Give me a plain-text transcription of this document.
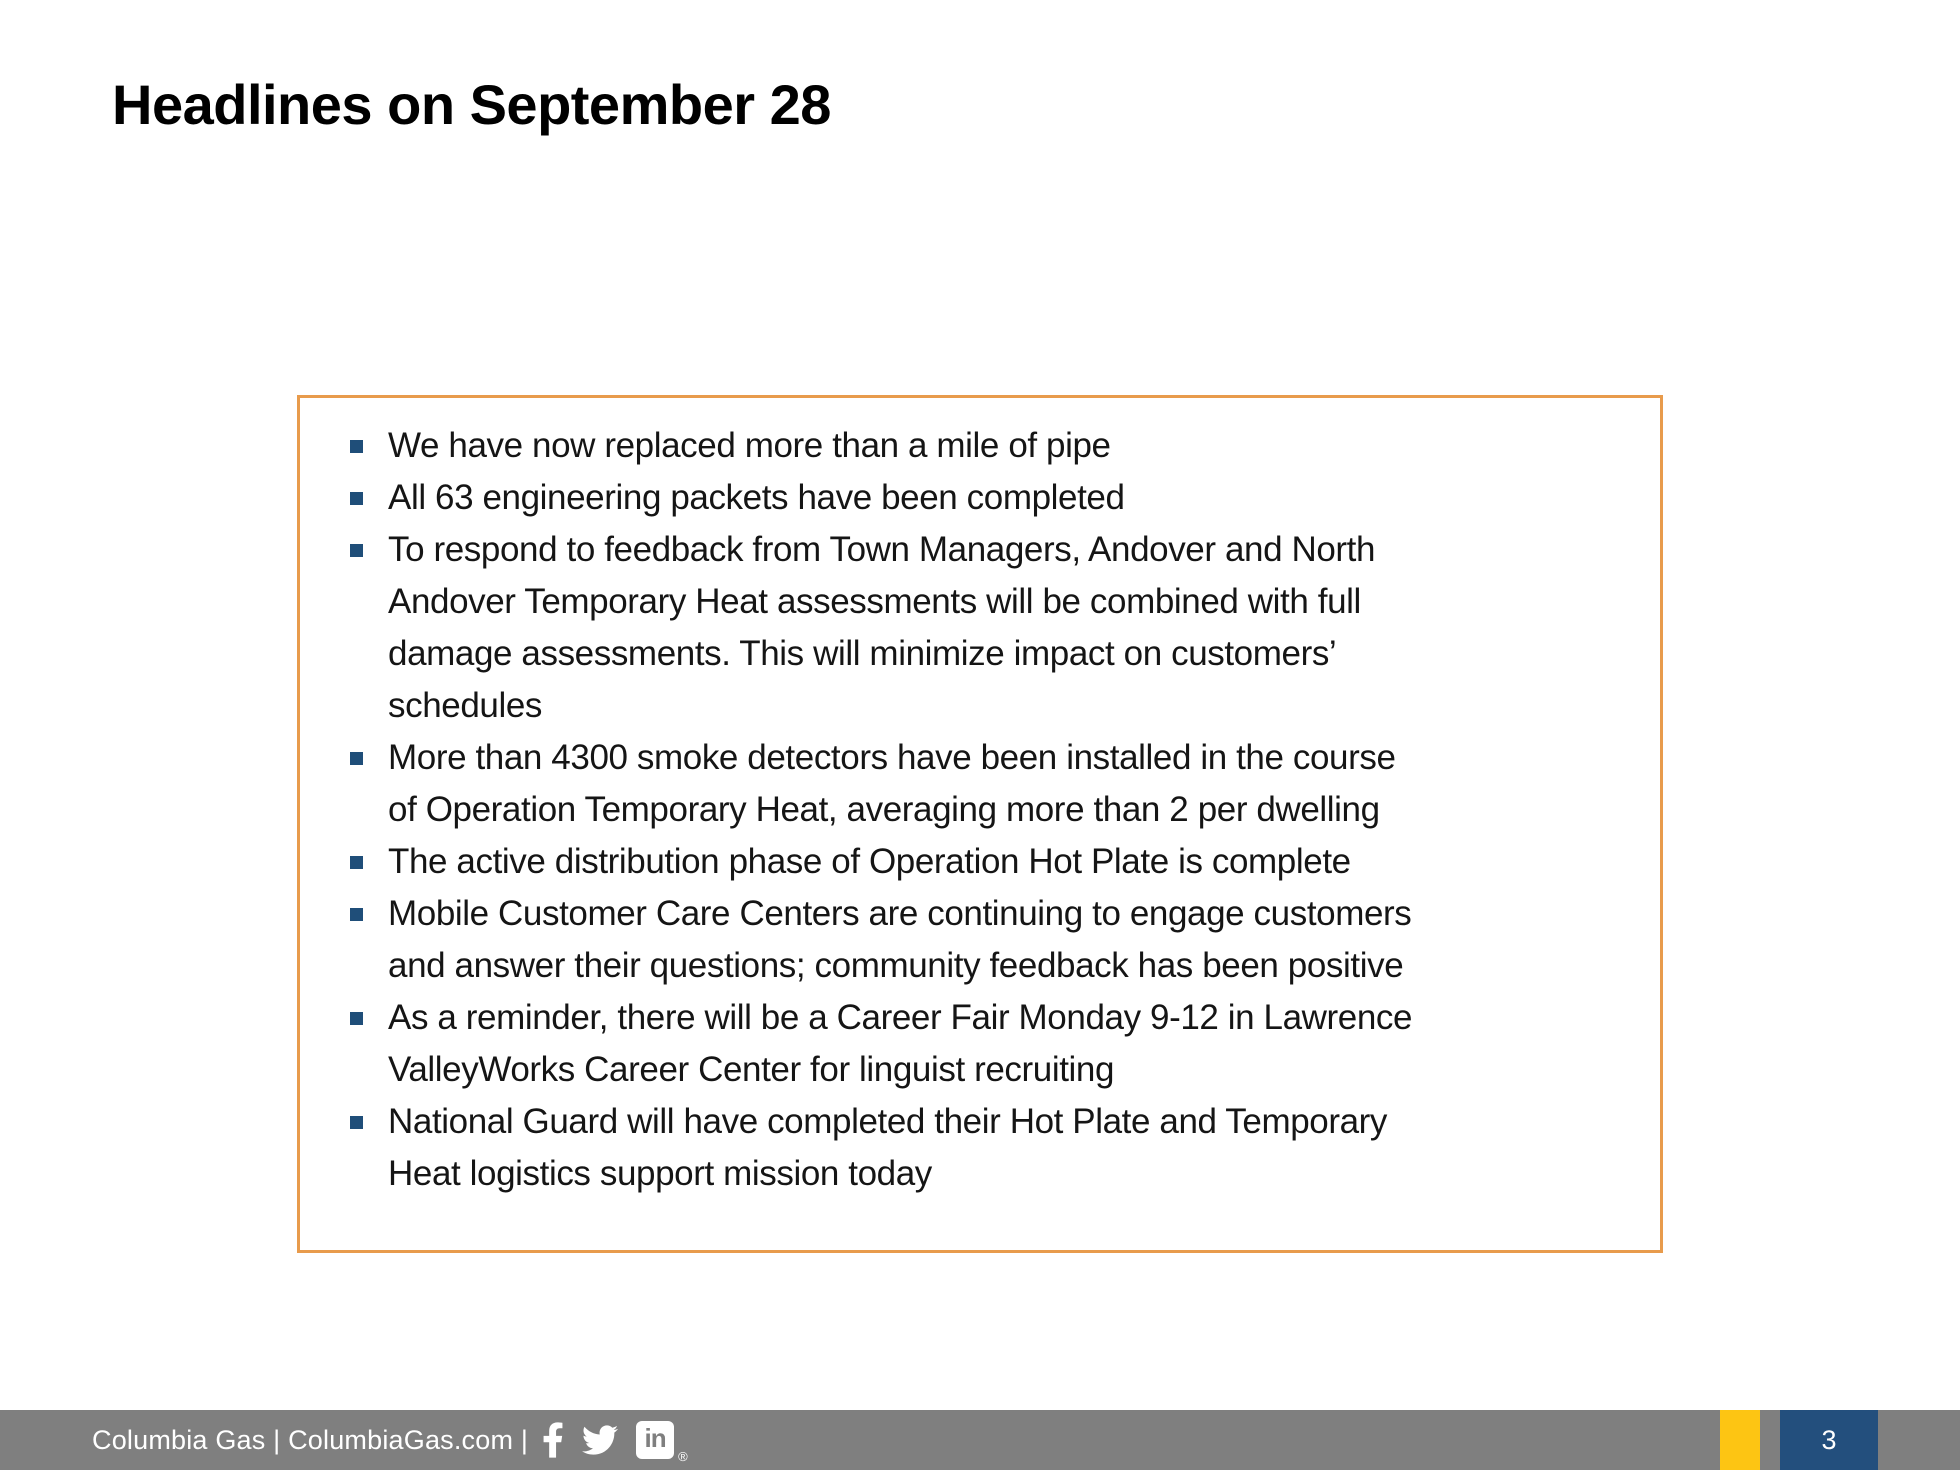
Headlines on September 28
We have now replaced more than a mile of pipe
All 63 engineering packets have been completed
To respond to feedback from Town Managers, Andover and North
Andover Temporary Heat assessments will be combined with full
damage assessments. This will minimize impact on customers’
schedules
More than 4300 smoke detectors have been installed in the course
of Operation Temporary Heat, averaging more than 2 per dwelling
The active distribution phase of Operation Hot Plate is complete
Mobile Customer Care Centers are continuing to engage customers
and answer their questions; community feedback has been positive
As a reminder, there will be a Career Fair Monday 9-12 in Lawrence
ValleyWorks Career Center for linguist recruiting
National Guard will have completed their Hot Plate and Temporary
Heat logistics support mission today
Columbia Gas | ColumbiaGas.com |	in
®
3
